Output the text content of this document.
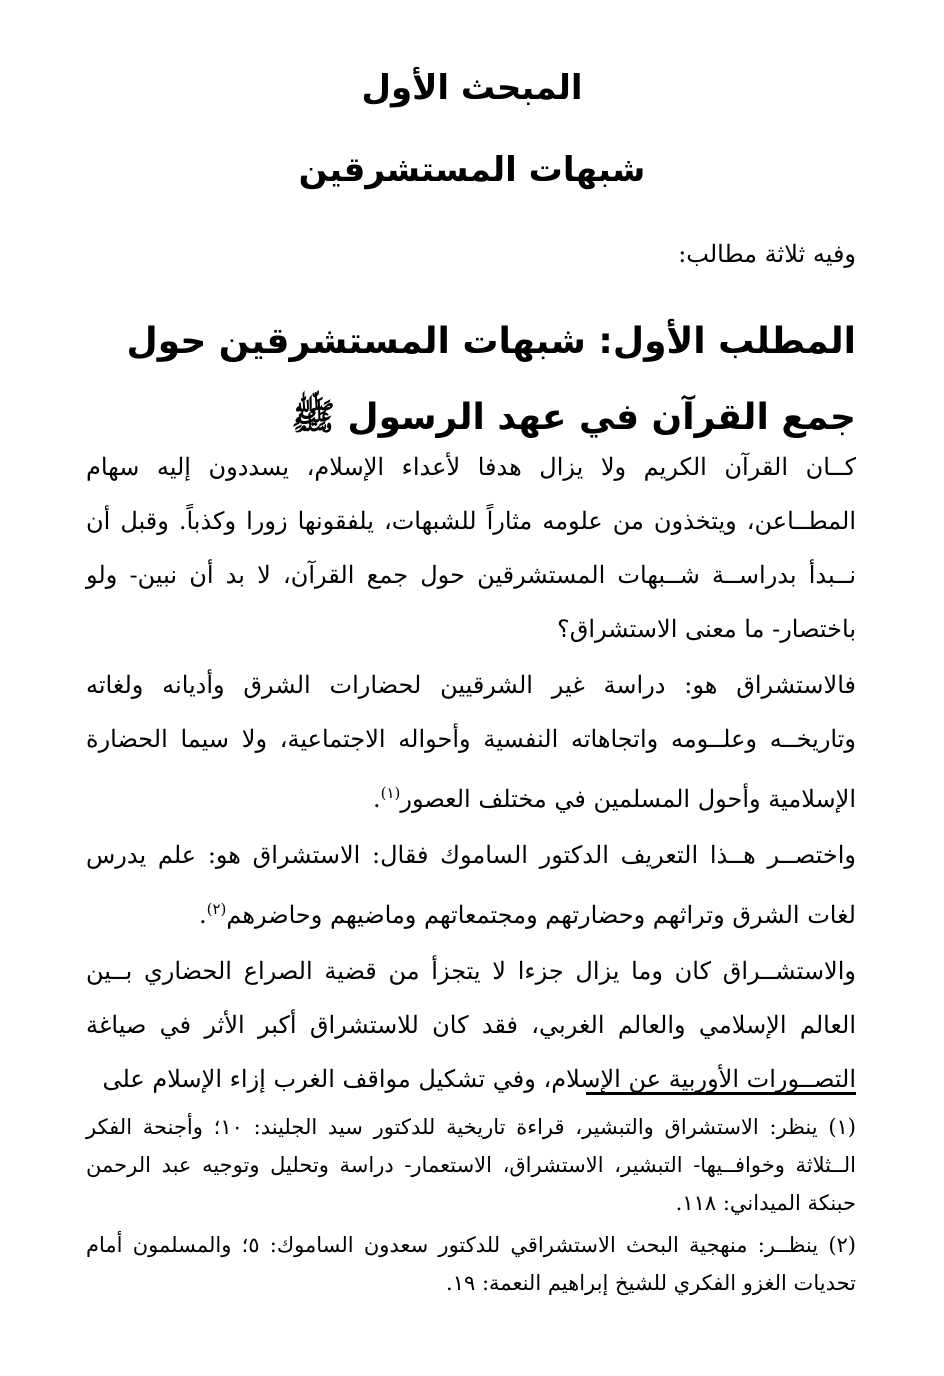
المبحث الأول
شبهات المستشرقين

وفيه ثلاثة مطالب:

المطلب الأول: شبهات المستشرقين حول جمع القرآن في عهد الرسول ﷺ

كــان القرآن الكريم ولا يزال هدفا لأعداء الإسلام، يسددون إليه سهام المطــاعن، ويتخذون من علومه مثاراً للشبهات، يلفقونها زورا وكذباً. وقبل أن نــبدأ بدراســة شــبهات المستشرقين حول جمع القرآن، لا بد أن نبين- ولو باختصار- ما معنى الاستشراق؟

فالاستشراق هو: دراسة غير الشرقيين لحضارات الشرق وأديانه ولغاته وتاريخــه وعلــومه واتجاهاته النفسية وأحواله الاجتماعية، ولا سيما الحضارة الإسلامية وأحول المسلمين في مختلف العصور$^{(١)}$.

واختصــر هــذا التعريف الدكتور الساموك فقال: الاستشراق هو: علم يدرس لغات الشرق وتراثهم وحضارتهم ومجتمعاتهم وماضيهم وحاضرهم$^{(٢)}$.

والاستشــراق كان وما يزال جزءا لا يتجزأ من قضية الصراع الحضاري بــين العالم الإسلامي والعالم الغربي، فقد كان للاستشراق أكبر الأثر في صياغة التصــورات الأوربية عن الإسلام، وفي تشكيل مواقف الغرب إزاء الإسلام على

(١) ينظر: الاستشراق والتبشير، قراءة تاريخية للدكتور سيد الجليند: ١٠؛ وأجنحة الفكر الــثلاثة وخوافــيها- التبشير، الاستشراق، الاستعمار- دراسة وتحليل وتوجيه عبد الرحمن حبنكة الميداني: ١١٨.

(٢) ينظــر: منهجية البحث الاستشراقي للدكتور سعدون الساموك: ٥؛ والمسلمون أمام تحديات الغزو الفكري للشيخ إبراهيم النعمة: ١٩.
